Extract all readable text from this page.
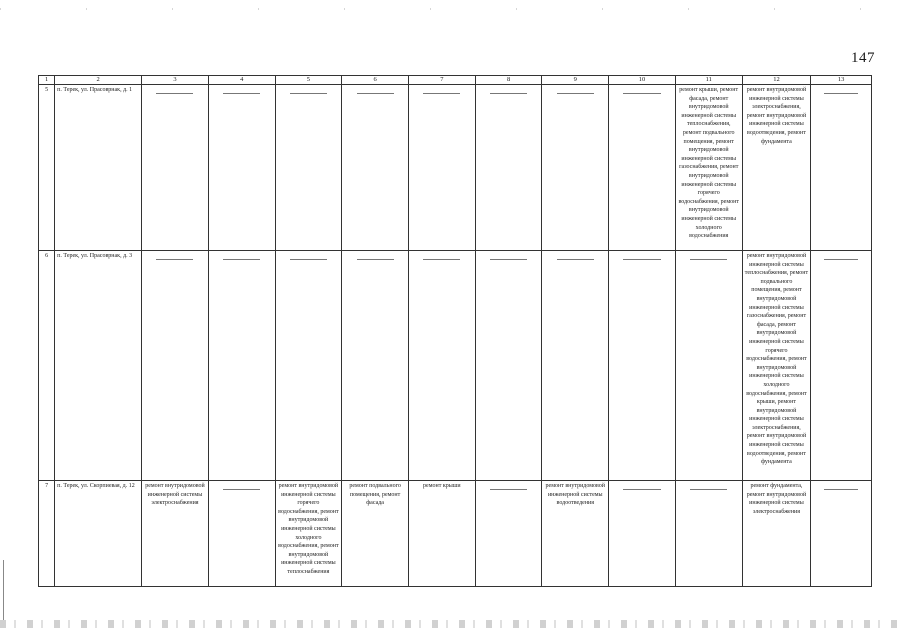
147
1	2	3	4	5	6	7	8	9	10	11	12	13
5	п. Терек, ул. Прасоврнак, д. 1									ремонт крыши, ремонт фасада, ремонт внутридомовой инженерной системы теплоснабжения, ремонт подвального помещения, ремонт внутридомовой инженерной системы газоснабжения, ремонт внутридомовой инженерной системы горячего водоснабжения, ремонт внутридомовой инженерной системы холодного водоснабжения	ремонт внутридомовой инженерной системы электроснабжения, ремонт внутридомовой инженерной системы водоотведения, ремонт фундамента	
6	п. Терек, ул. Прасоврнак, д. 3										ремонт внутридомовой инженерной системы теплоснабжения, ремонт подвального помещения, ремонт внутридомовой инженерной системы газоснабжения, ремонт фасада, ремонт внутридомовой инженерной системы горячего водоснабжения, ремонт внутридомовой инженерной системы холодного водоснабжения, ремонт крыши, ремонт внутридомовой инженерной системы электроснабжения, ремонт внутридомовой инженерной системы водоотведения, ремонт фундамента	
7	п. Терек, ул. Скорпиевая, д. 12	ремонт внутридомовой инженерной системы электроснабжения		ремонт внутридомовой инженерной системы горячего водоснабжения, ремонт внутридомовой инженерной системы холодного водоснабжения, ремонт внутридомовой инженерной системы теплоснабжения	ремонт подвального помещения, ремонт фасада	ремонт крыши		ремонт внутридомовой инженерной системы водоотведения			ремонт фундамента, ремонт внутридомовой инженерной системы электроснабжения	
